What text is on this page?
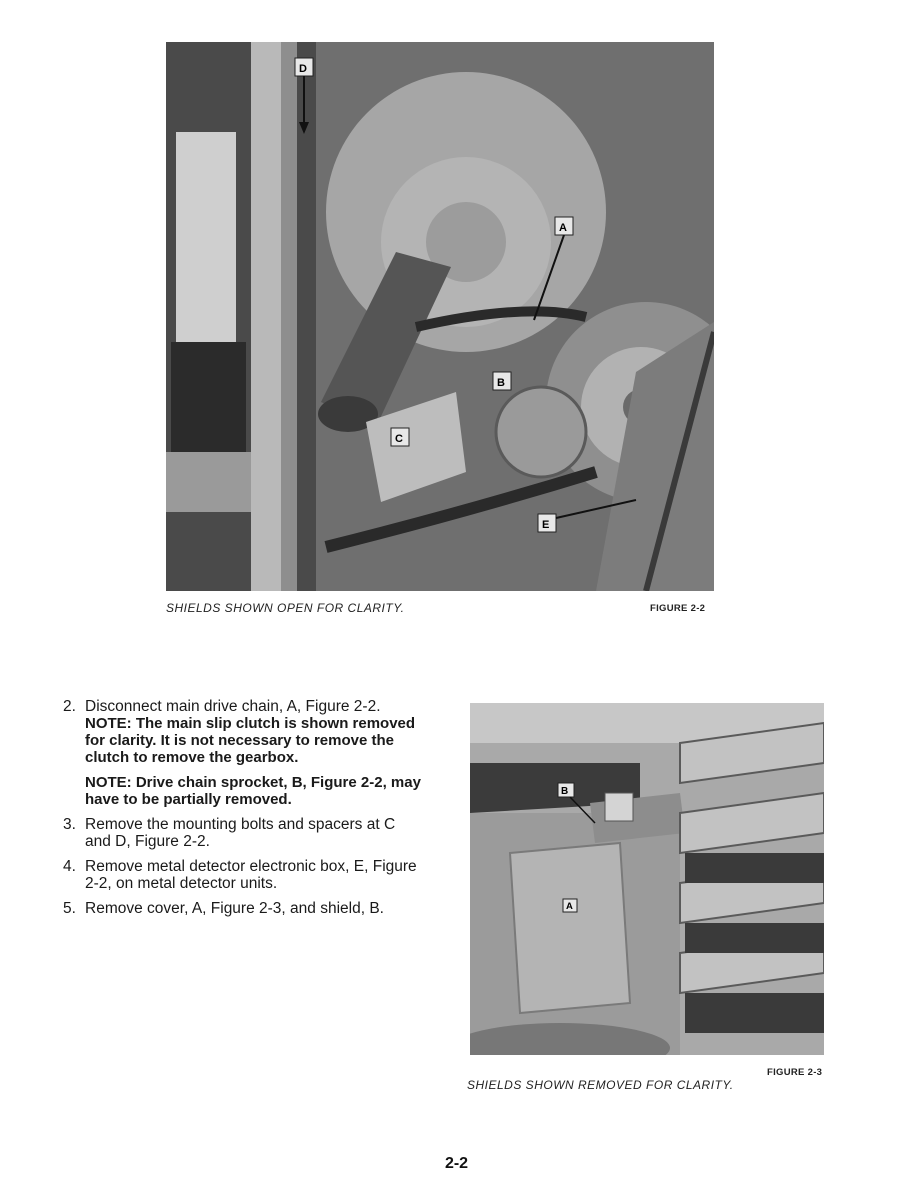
D
A
B
C
E
SHIELDS SHOWN OPEN FOR CLARITY.	FIGURE 2-2
2. Disconnect main drive chain, A, Figure 2-2.
NOTE: The main slip clutch is shown removed for clarity. It is not necessary to remove the clutch to remove the gearbox.
NOTE: Drive chain sprocket, B, Figure 2-2, may have to be partially removed.
3. Remove the mounting bolts and spacers at C and D, Figure 2-2.
4. Remove metal detector electronic box, E, Figure 2-2, on metal detector units.
5. Remove cover, A, Figure 2-3, and shield, B.
B
A
FIGURE 2-3
SHIELDS SHOWN REMOVED FOR CLARITY.
2-2
